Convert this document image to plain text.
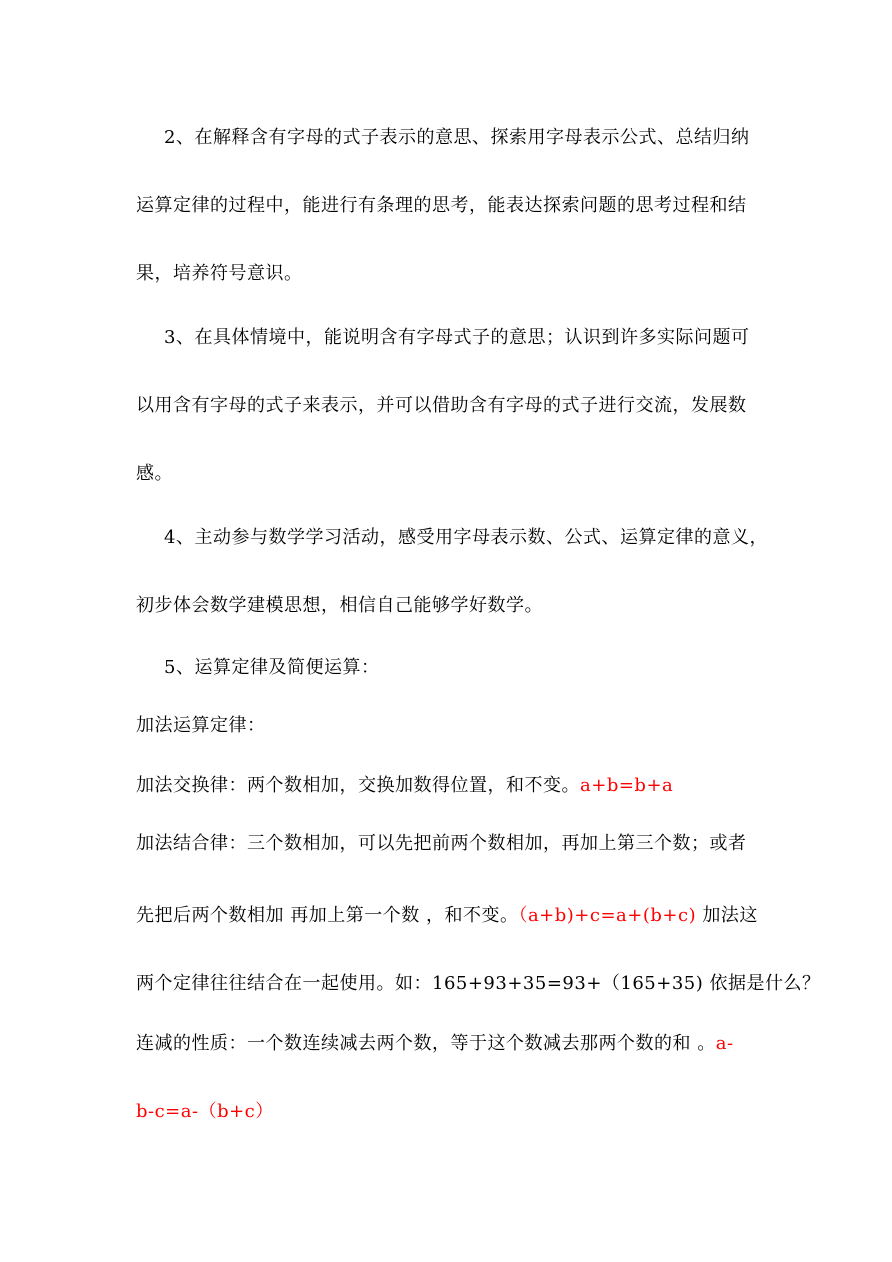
2、在解释含有字母的式子表示的意思、探索用字母表示公式、总结归纳
运算定律的过程中，能进行有条理的思考，能表达探索问题的思考过程和结
果，培养符号意识。
3、在具体情境中，能说明含有字母式子的意思；认识到许多实际问题可
以用含有字母的式子来表示，并可以借助含有字母的式子进行交流，发展数
感。
4、主动参与数学学习活动，感受用字母表示数、公式、运算定律的意义，
初步体会数学建模思想，相信自己能够学好数学。
5、运算定律及简便运算：
加法运算定律：
加法交换律：两个数相加，交换加数得位置，和不变。a+b=b+a
加法结合律：三个数相加，可以先把前两个数相加，再加上第三个数；或者
先把后两个数相加 再加上第一个数 ，和不变。（a+b)+c=a+(b+c) 加法这
两个定律往往结合在一起使用。如：165+93+35=93+（165+35) 依据是什么？
连减的性质：一个数连续减去两个数，等于这个数减去那两个数的和 。a-
b-c=a-（b+c）
